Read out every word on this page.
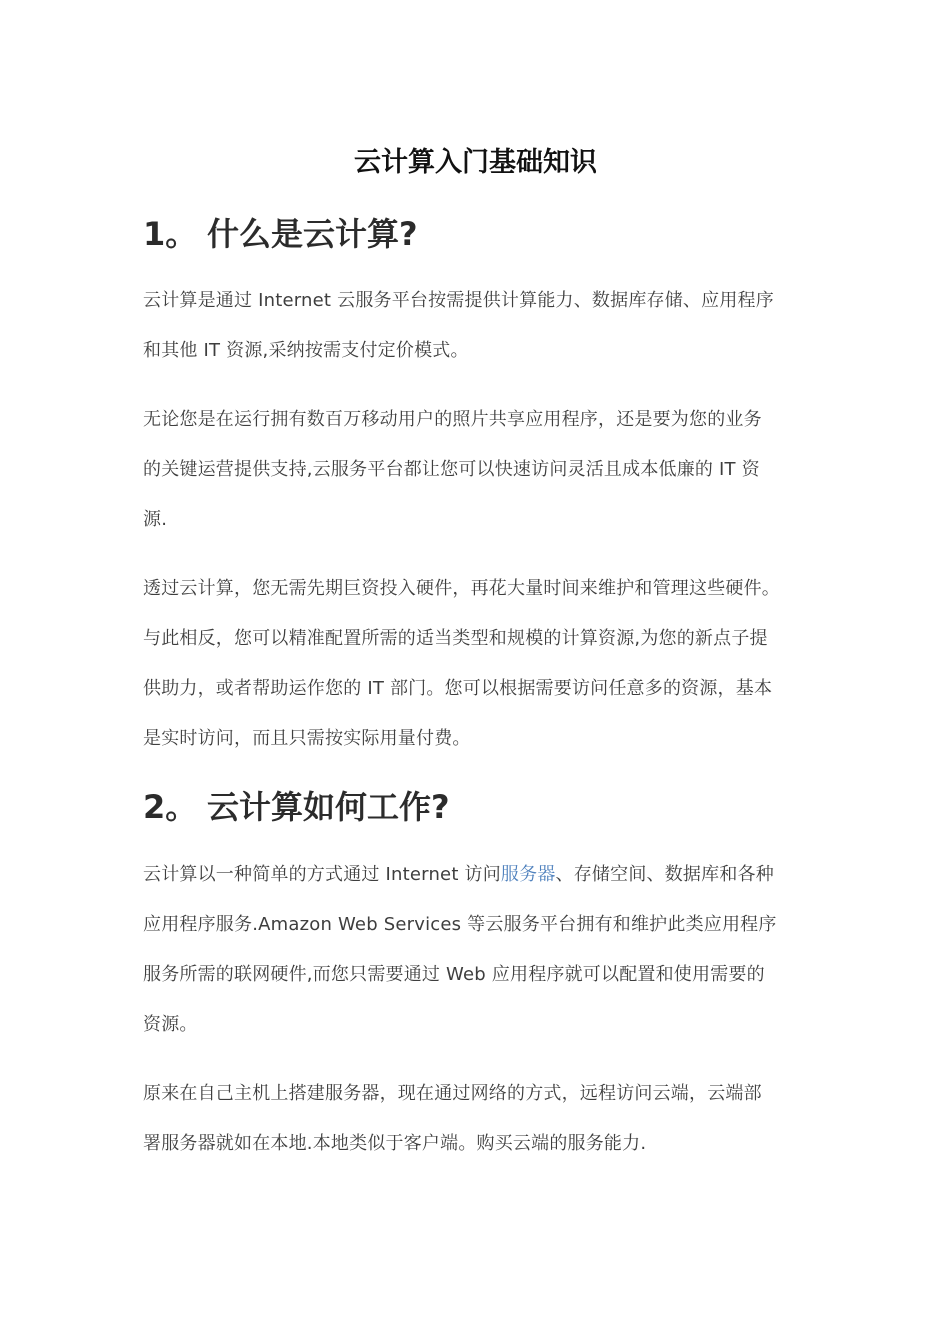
云计算入门基础知识
1。 什么是云计算?

云计算是通过 Internet 云服务平台按需提供计算能力、数据库存储、应用程序
和其他 IT 资源,采纳按需支付定价模式。

无论您是在运行拥有数百万移动用户的照片共享应用程序，还是要为您的业务
的关键运营提供支持,云服务平台都让您可以快速访问灵活且成本低廉的 IT 资
源.

透过云计算，您无需先期巨资投入硬件，再花大量时间来维护和管理这些硬件。
与此相反，您可以精准配置所需的适当类型和规模的计算资源,为您的新点子提
供助力，或者帮助运作您的 IT 部门。您可以根据需要访问任意多的资源，基本
是实时访问，而且只需按实际用量付费。

2。 云计算如何工作?

云计算以一种简单的方式通过 Internet 访问服务器、存储空间、数据库和各种
应用程序服务.Amazon Web Services 等云服务平台拥有和维护此类应用程序
服务所需的联网硬件,而您只需要通过 Web 应用程序就可以配置和使用需要的
资源。

原来在自己主机上搭建服务器，现在通过网络的方式，远程访问云端，云端部
署服务器就如在本地.本地类似于客户端。购买云端的服务能力.
